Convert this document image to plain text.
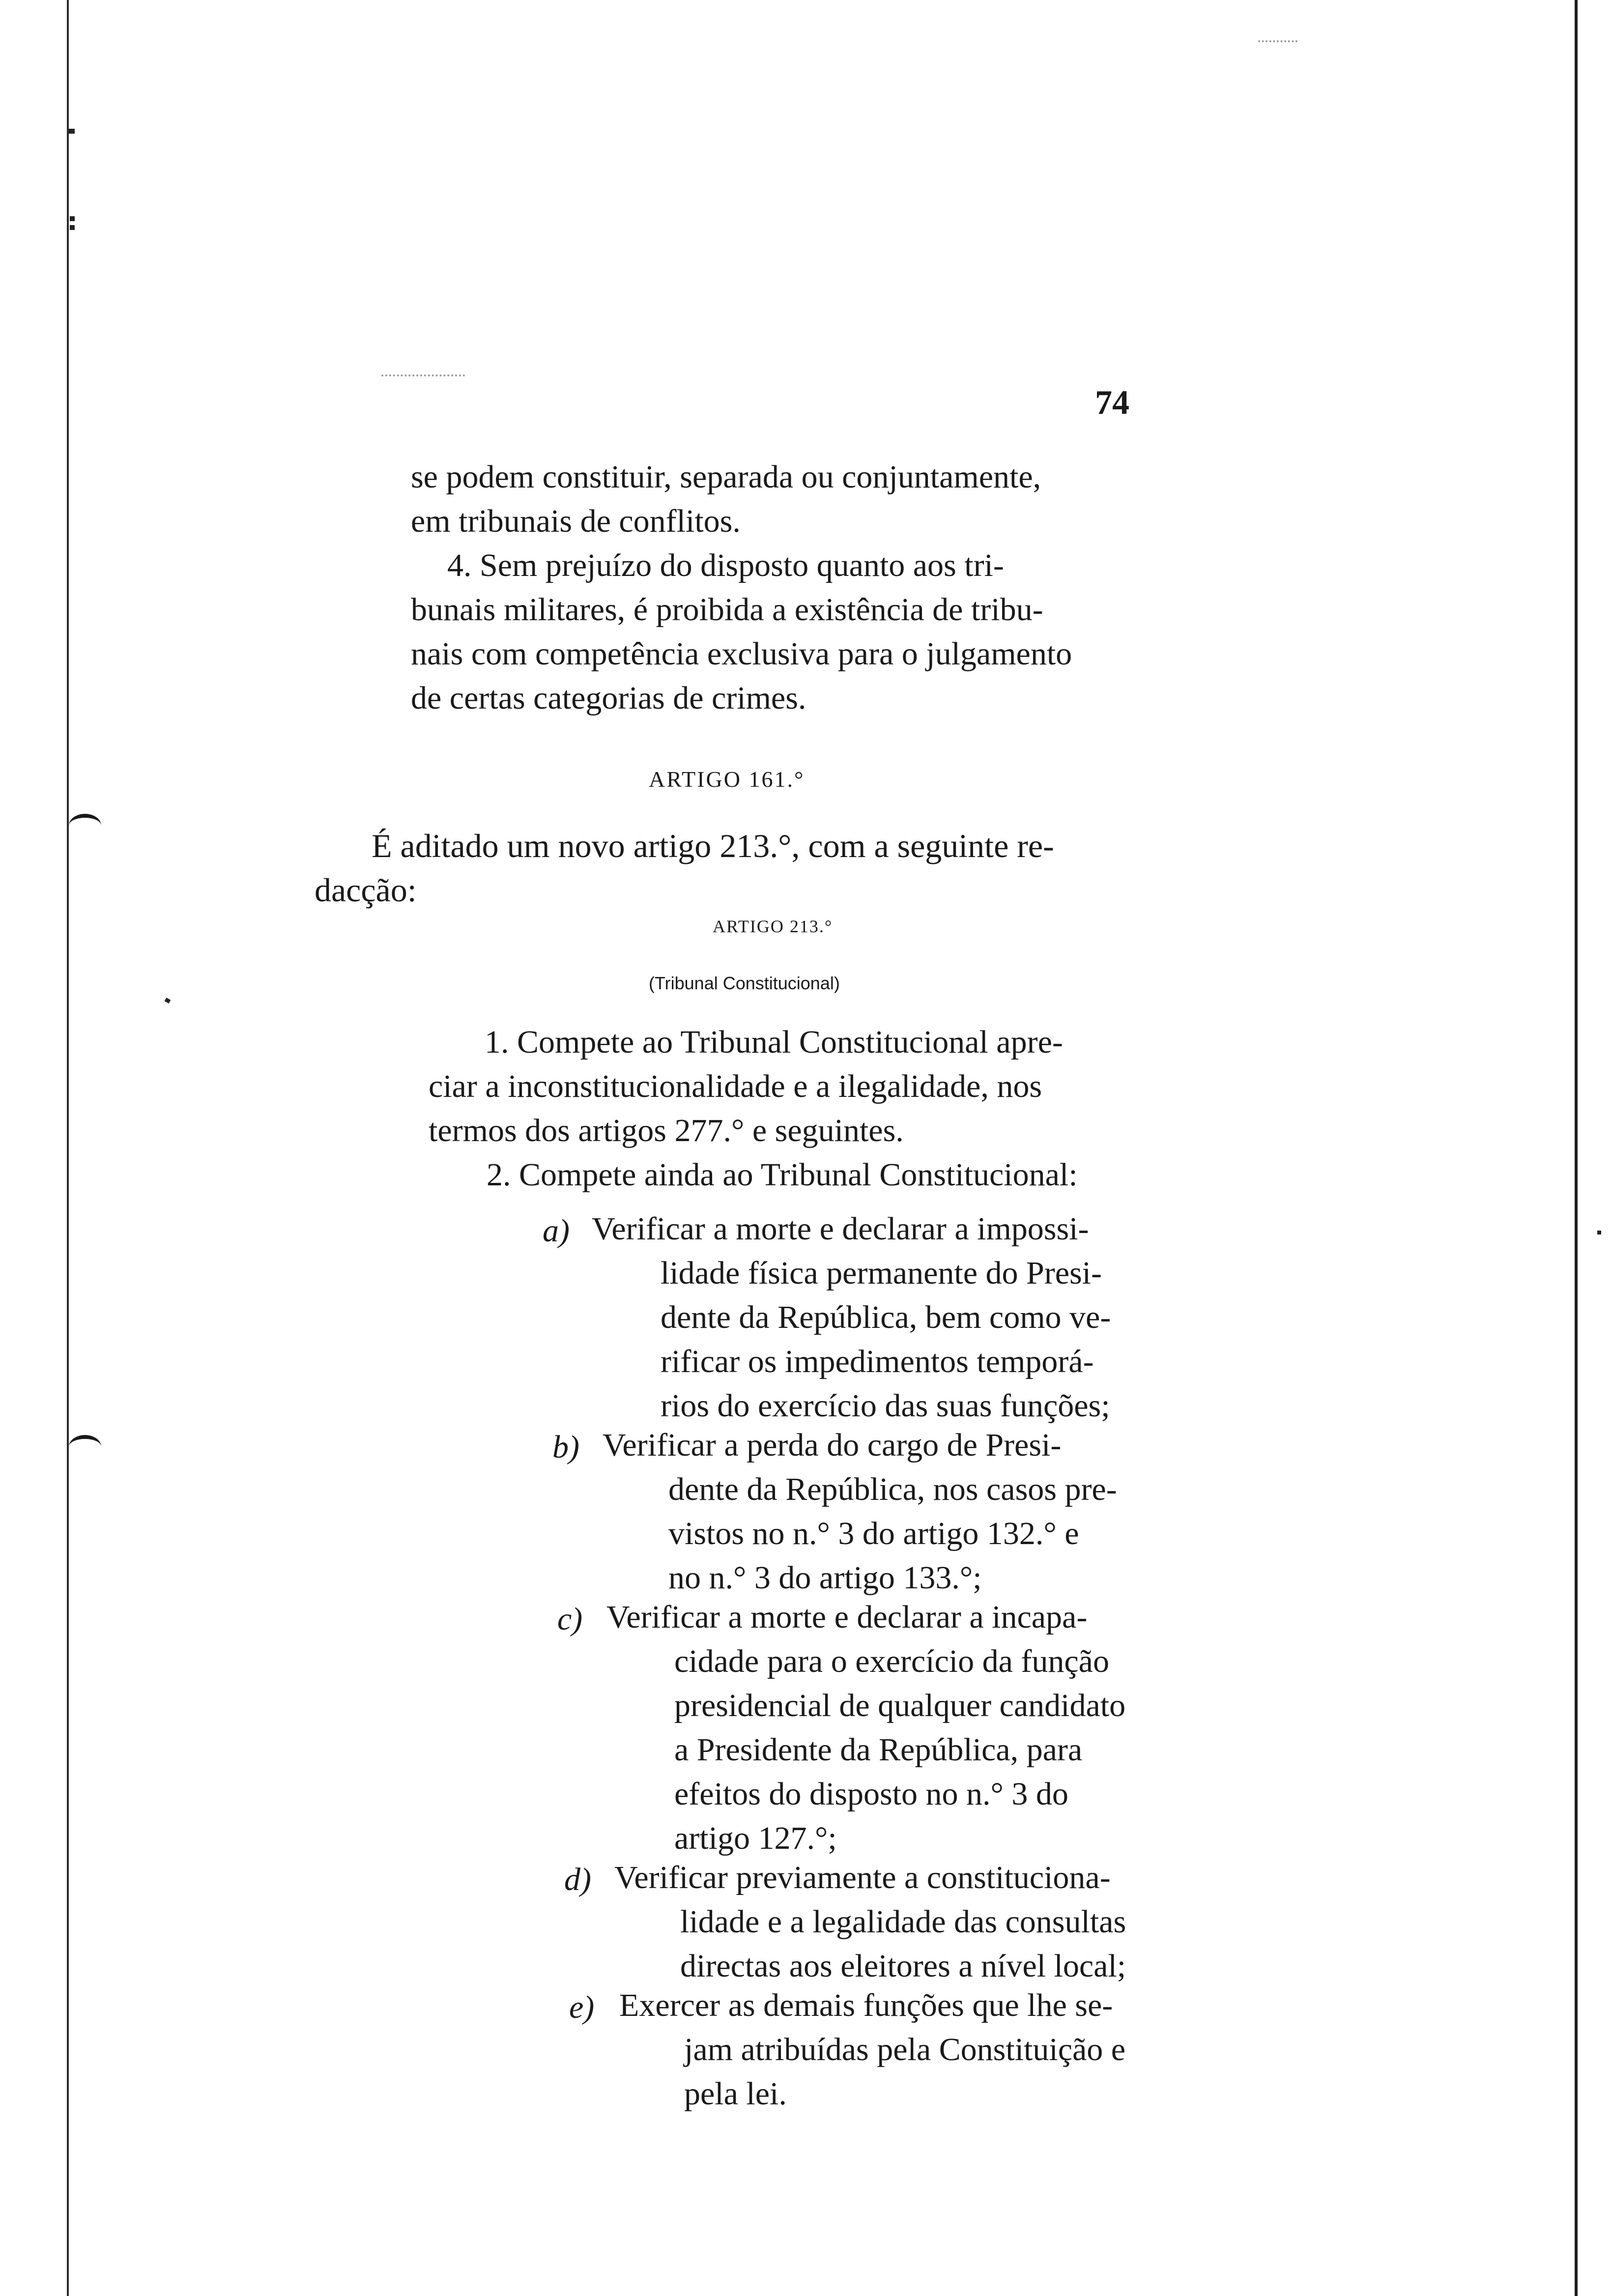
74

se podem constituir, separada ou conjuntamente,

em tribunais de conflitos.

4. Sem prejuízo do disposto quanto aos tri-

bunais militares, é proibida a existência de tribu-

nais com competência exclusiva para o julgamento

de certas categorias de crimes.

ARTIGO 161.°

É aditado um novo artigo 213.°, com a seguinte re-

dacção:

ARTIGO 213.°
(Tribunal Constitucional)

1. Compete ao Tribunal Constitucional apre-

ciar a inconstitucionalidade e a ilegalidade, nos

termos dos artigos 277.° e seguintes.

2. Compete ainda ao Tribunal Constitucional:

a) Verificar a morte e declarar a impossi-

lidade física permanente do Presi-

dente da República, bem como ve-

rificar os impedimentos temporá-

rios do exercício das suas funções;

b) Verificar a perda do cargo de Presi-

dente da República, nos casos pre-

vistos no n.° 3 do artigo 132.° e

no n.° 3 do artigo 133.°;

c) Verificar a morte e declarar a incapa-

cidade para o exercício da função

presidencial de qualquer candidato

a Presidente da República, para

efeitos do disposto no n.° 3 do

artigo 127.°;

d) Verificar previamente a constituciona-

lidade e a legalidade das consultas

directas aos eleitores a nível local;

e) Exercer as demais funções que lhe se-

jam atribuídas pela Constituição e

pela lei.
